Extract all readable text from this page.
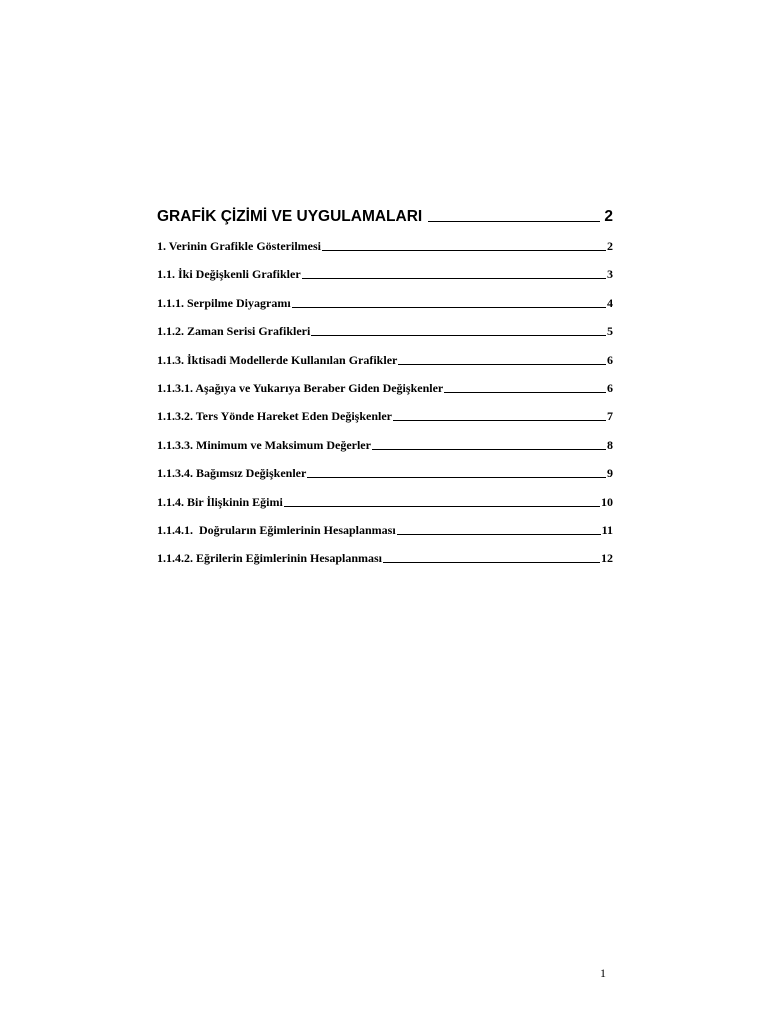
GRAFİK ÇİZİMİ VE UYGULAMALARI	2
1. Verinin Grafikle Gösterilmesi	2
1.1. İki Değişkenli Grafikler	3
1.1.1. Serpilme Diyagramı	4
1.1.2. Zaman Serisi Grafikleri	5
1.1.3. İktisadi Modellerde Kullanılan Grafikler	6
1.1.3.1. Aşağıya ve Yukarıya Beraber Giden Değişkenler	6
1.1.3.2. Ters Yönde Hareket Eden Değişkenler	7
1.1.3.3. Minimum ve Maksimum Değerler	8
1.1.3.4. Bağımsız Değişkenler	9
1.1.4. Bir İlişkinin Eğimi	10
1.1.4.1.  Doğruların Eğimlerinin Hesaplanması	11
1.1.4.2. Eğrilerin Eğimlerinin Hesaplanması	12
1
